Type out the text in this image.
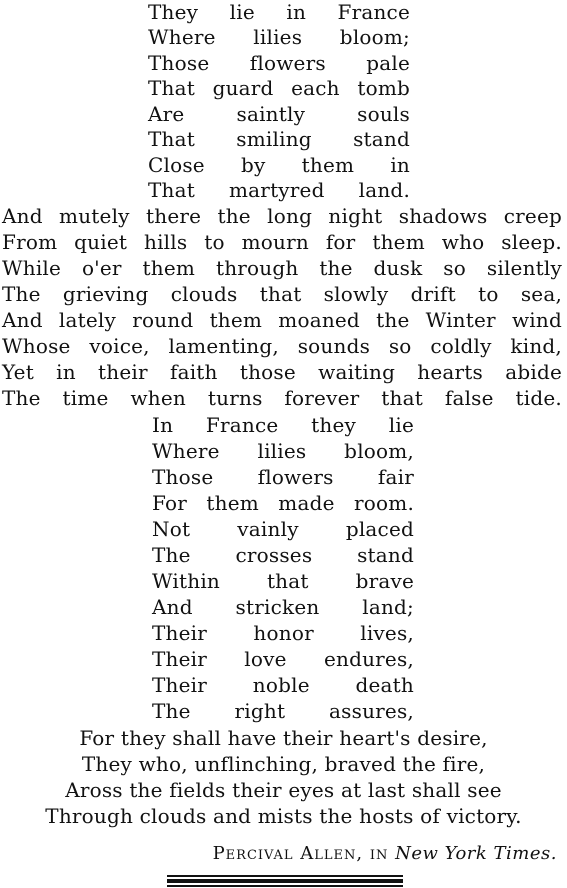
They lie in France
Where lilies bloom;
Those flowers pale
That guard each tomb
Are saintly souls
That smiling stand
Close by them in
That martyred land.
And mutely there the long night shadows creep
From quiet hills to mourn for them who sleep.
While o'er them through the dusk so silently
The grieving clouds that slowly drift to sea,
And lately round them moaned the Winter wind
Whose voice, lamenting, sounds so coldly kind,
Yet in their faith those waiting hearts abide
The time when turns forever that false tide.
In France they lie
Where lilies bloom,
Those flowers fair
For them made room.
Not vainly placed
The crosses stand
Within that brave
And stricken land;
Their honor lives,
Their love endures,
Their noble death
The right assures,
For they shall have their heart's desire,
They who, unflinching, braved the fire,
Aross the fields their eyes at last shall see
Through clouds and mists the hosts of victory.
Percival Allen, in New York Times.
